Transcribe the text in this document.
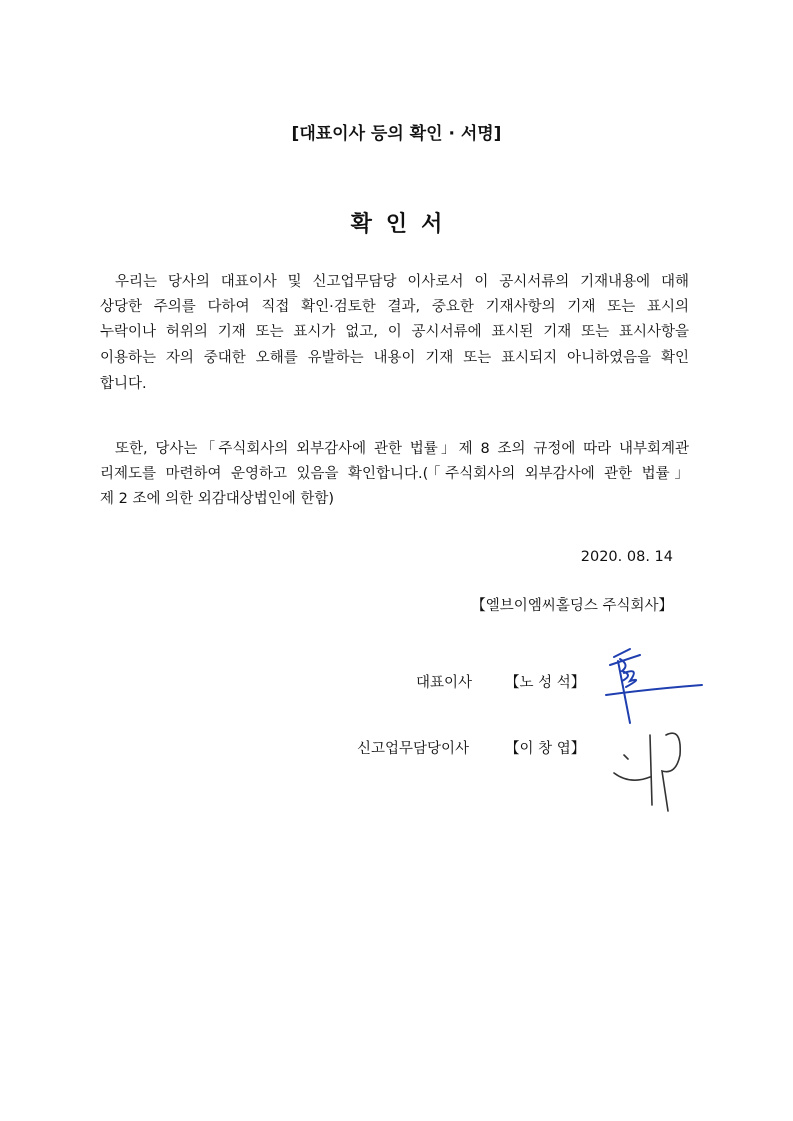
[대표이사 등의 확인 · 서명]
확인서
우리는 당사의 대표이사 및 신고업무담당 이사로서 이 공시서류의 기재내용에 대해
상당한 주의를 다하여 직접 확인·검토한 결과, 중요한 기재사항의 기재 또는 표시의
누락이나 허위의 기재 또는 표시가 없고, 이 공시서류에 표시된 기재 또는 표시사항을
이용하는 자의 중대한 오해를 유발하는 내용이 기재 또는 표시되지 아니하였음을 확인
합니다.
또한, 당사는「주식회사의 외부감사에 관한 법률」제 8 조의 규정에 따라 내부회계관
리제도를 마련하여 운영하고 있음을 확인합니다.(「주식회사의 외부감사에 관한 법률」
제 2 조에 의한 외감대상법인에 한함)
2020. 08. 14
【엘브이엠씨홀딩스 주식회사】
대표이사 【노 성 석】
신고업무담당이사 【이 창 엽】
